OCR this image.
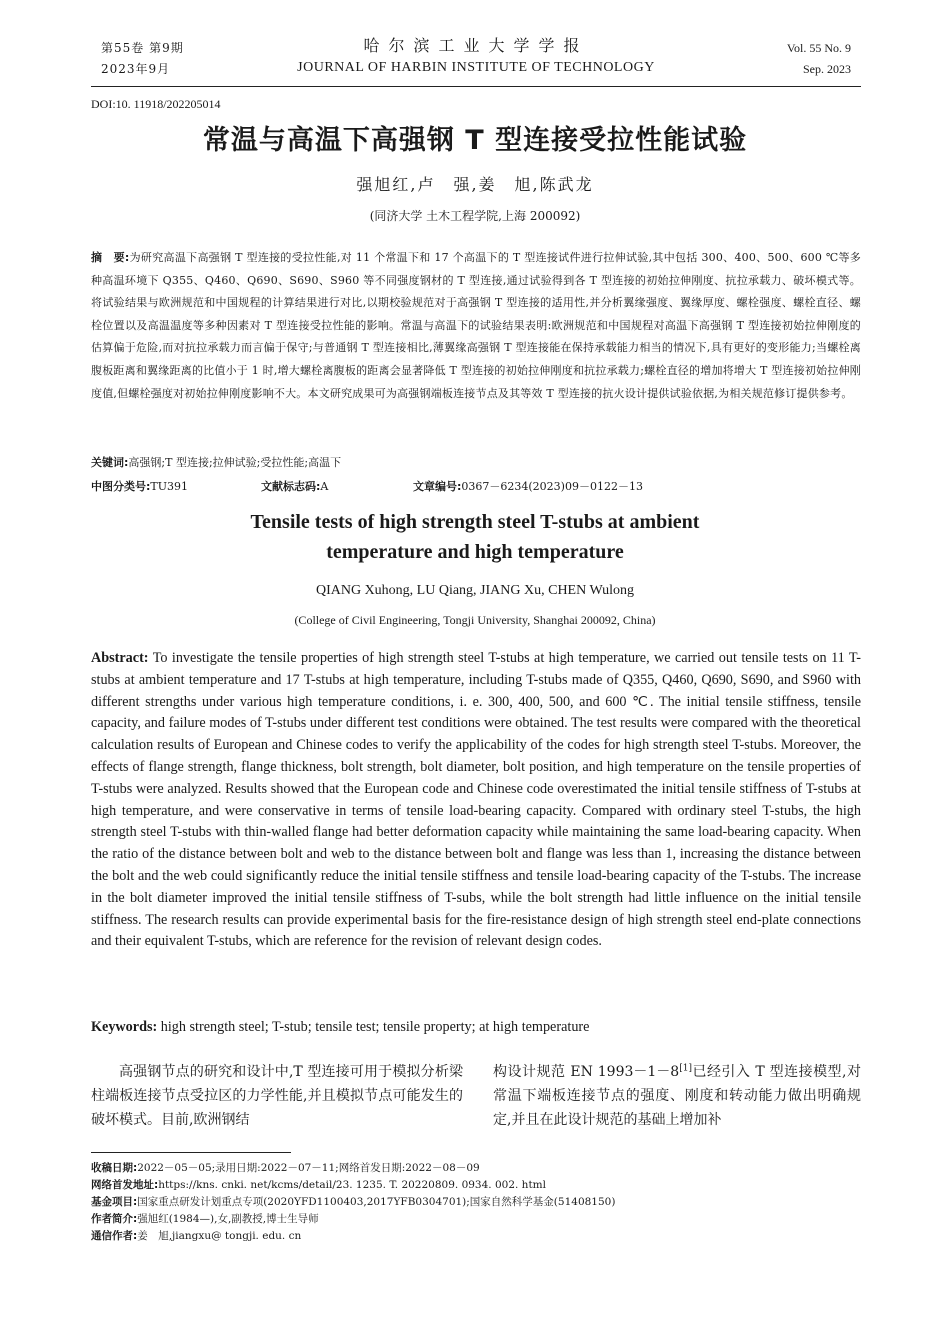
第55卷 第9期
2023年9月
哈尔滨工业大学学报
JOURNAL OF HARBIN INSTITUTE OF TECHNOLOGY
Vol. 55 No. 9
Sep. 2023
DOI:10. 11918/202205014
常温与高温下高强钢 T 型连接受拉性能试验
强旭红,卢　强,姜　旭,陈武龙
(同济大学 土木工程学院,上海 200092)
摘　要:为研究高温下高强钢 T 型连接的受拉性能,对 11 个常温下和 17 个高温下的 T 型连接试件进行拉伸试验,其中包括 300、400、500、600 ℃等多种高温环境下 Q355、Q460、Q690、S690、S960 等不同强度钢材的 T 型连接,通过试验得到各 T 型连接的初始拉伸刚度、抗拉承载力、破坏模式等。将试验结果与欧洲规范和中国规程的计算结果进行对比,以期校验规范对于高强钢 T 型连接的适用性,并分析翼缘强度、翼缘厚度、螺栓强度、螺栓直径、螺栓位置以及高温温度等多种因素对 T 型连接受拉性能的影响。常温与高温下的试验结果表明:欧洲规范和中国规程对高温下高强钢 T 型连接初始拉伸刚度的估算偏于危险,而对抗拉承载力而言偏于保守;与普通钢 T 型连接相比,薄翼缘高强钢 T 型连接能在保持承载能力相当的情况下,具有更好的变形能力;当螺栓离腹板距离和翼缘距离的比值小于 1 时,增大螺栓离腹板的距离会显著降低 T 型连接的初始拉伸刚度和抗拉承载力;螺栓直径的增加将增大 T 型连接初始拉伸刚度值,但螺栓强度对初始拉伸刚度影响不大。本文研究成果可为高强钢端板连接节点及其等效 T 型连接的抗火设计提供试验依据,为相关规范修订提供参考。
关键词:高强钢;T 型连接;拉伸试验;受拉性能;高温下
中图分类号:TU391	文献标志码:A	文章编号:0367－6234(2023)09－0122－13
Tensile tests of high strength steel T-stubs at ambient
temperature and high temperature
QIANG Xuhong, LU Qiang, JIANG Xu, CHEN Wulong
(College of Civil Engineering, Tongji University, Shanghai 200092, China)
Abstract: To investigate the tensile properties of high strength steel T-stubs at high temperature, we carried out tensile tests on 11 T-stubs at ambient temperature and 17 T-stubs at high temperature, including T-stubs made of Q355, Q460, Q690, S690, and S960 with different strengths under various high temperature conditions, i. e. 300, 400, 500, and 600 ℃. The initial tensile stiffness, tensile capacity, and failure modes of T-stubs under different test conditions were obtained. The test results were compared with the theoretical calculation results of European and Chinese codes to verify the applicability of the codes for high strength steel T-stubs. Moreover, the effects of flange strength, flange thickness, bolt strength, bolt diameter, bolt position, and high temperature on the tensile properties of T-stubs were analyzed. Results showed that the European code and Chinese code overestimated the initial tensile stiffness of T-stubs at high temperature, and were conservative in terms of tensile load-bearing capacity. Compared with ordinary steel T-stubs, the high strength steel T-stubs with thin-walled flange had better deformation capacity while maintaining the same load-bearing capacity. When the ratio of the distance between bolt and web to the distance between bolt and flange was less than 1, increasing the distance between the bolt and the web could significantly reduce the initial tensile stiffness and tensile load-bearing capacity of the T-stubs. The increase in the bolt diameter improved the initial tensile stiffness of T-subs, while the bolt strength had little influence on the initial tensile stiffness. The research results can provide experimental basis for the fire-resistance design of high strength steel end-plate connections and their equivalent T-stubs, which are reference for the revision of relevant design codes.
Keywords: high strength steel; T-stub; tensile test; tensile property; at high temperature
高强钢节点的研究和设计中,T 型连接可用于模拟分析梁柱端板连接节点受拉区的力学性能,并且模拟节点可能发生的破坏模式。目前,欧洲钢结
构设计规范 EN 1993－1－8[1]已经引入 T 型连接模型,对常温下端板连接节点的强度、刚度和转动能力做出明确规定,并且在此设计规范的基础上增加补
收稿日期:2022－05－05;录用日期:2022－07－11;网络首发日期:2022－08－09
网络首发地址:https://kns. cnki. net/kcms/detail/23. 1235. T. 20220809. 0934. 002. html
基金项目:国家重点研发计划重点专项(2020YFD1100403,2017YFB0304701);国家自然科学基金(51408150)
作者简介:强旭红(1984—),女,副教授,博士生导师
通信作者:姜　旭,jiangxu@ tongji. edu. cn
